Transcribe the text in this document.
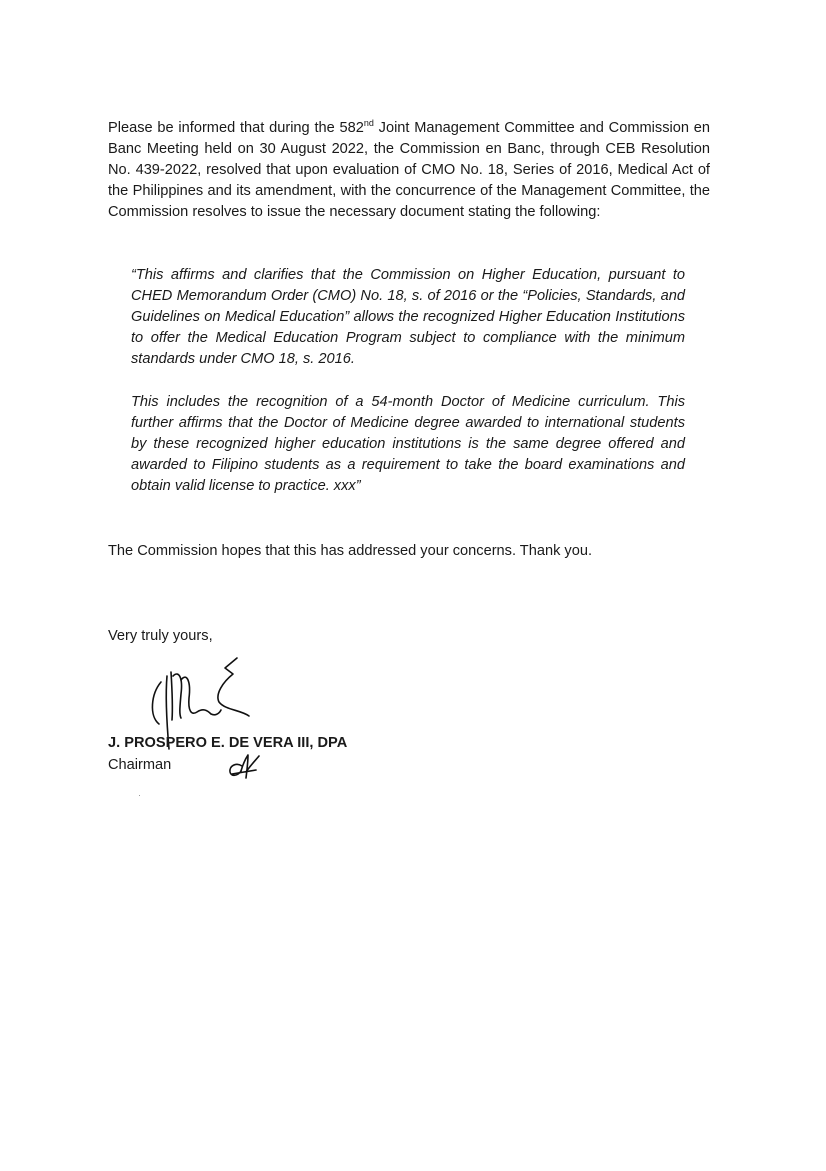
Please be informed that during the 582nd Joint Management Committee and Commission en Banc Meeting held on 30 August 2022, the Commission en Banc, through CEB Resolution No. 439-2022, resolved that upon evaluation of CMO No. 18, Series of 2016, Medical Act of the Philippines and its amendment, with the concurrence of the Management Committee, the Commission resolves to issue the necessary document stating the following:

“This affirms and clarifies that the Commission on Higher Education, pursuant to CHED Memorandum Order (CMO) No. 18, s. of 2016 or the “Policies, Standards, and Guidelines on Medical Education” allows the recognized Higher Education Institutions to offer the Medical Education Program subject to compliance with the minimum standards under CMO 18, s. 2016.

This includes the recognition of a 54-month Doctor of Medicine curriculum. This further affirms that the Doctor of Medicine degree awarded to international students by these recognized higher education institutions is the same degree offered and awarded to Filipino students as a requirement to take the board examinations and obtain valid license to practice. xxx”

The Commission hopes that this has addressed your concerns. Thank you.

Very truly yours,

J. PROSPERO E. DE VERA III, DPA

Chairman
